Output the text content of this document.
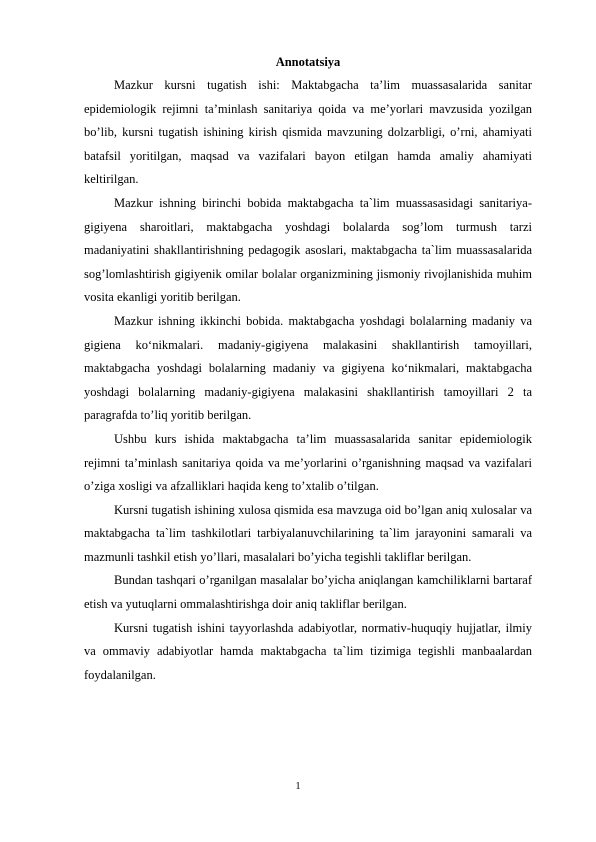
Annotatsiya

Mazkur kursni tugatish ishi: Maktabgacha ta’lim muassasalarida sanitar epidemiologik rejimni ta’minlash sanitariya qoida va me’yorlari mavzusida yozilgan bo’lib, kursni tugatish ishining kirish qismida mavzuning dolzarbligi, o’rni, ahamiyati batafsil yoritilgan, maqsad va vazifalari bayon etilgan hamda amaliy ahamiyati keltirilgan.

Mazkur ishning birinchi bobida maktabgacha ta`lim muassasasidagi sanitariya-gigiyena sharoitlari, maktabgacha yoshdagi bolalarda sog’lom turmush tarzi madaniyatini shakllantirishning pedagogik asoslari, maktabgacha ta`lim muassasalarida sog’lomlashtirish gigiyenik omilar bolalar organizmining jismoniy rivojlanishida muhim vosita ekanligi yoritib berilgan.

Mazkur ishning ikkinchi bobida. maktabgacha yoshdagi bolalarning madaniy va gigiena ko‘nikmalari. madaniy-gigiyena malakasini shakllantirish tamoyillari, maktabgacha yoshdagi bolalarning madaniy va gigiyena ko‘nikmalari, maktabgacha yoshdagi bolalarning madaniy-gigiyena malakasini shakllantirish tamoyillari 2 ta paragrafda to’liq yoritib berilgan.

Ushbu kurs ishida maktabgacha ta’lim muassasalarida sanitar epidemiologik rejimni ta’minlash sanitariya qoida va me’yorlarini o’rganishning maqsad va vazifalari o’ziga xosligi va afzalliklari haqida keng to’xtalib o’tilgan.

Kursni tugatish ishining xulosa qismida esa mavzuga oid bo’lgan aniq xulosalar va maktabgacha ta`lim tashkilotlari tarbiyalanuvchilarining ta`lim jarayonini samarali va mazmunli tashkil etish yo’llari, masalalari bo’yicha tegishli takliflar berilgan.

Bundan tashqari o’rganilgan masalalar bo’yicha aniqlangan kamchiliklarni bartaraf etish va yutuqlarni ommalashtirishga doir aniq takliflar berilgan.

Kursni tugatish ishini tayyorlashda adabiyotlar, normativ-huquqiy hujjatlar, ilmiy va ommaviy adabiyotlar hamda maktabgacha ta`lim tizimiga tegishli manbaalardan foydalanilgan.

1
